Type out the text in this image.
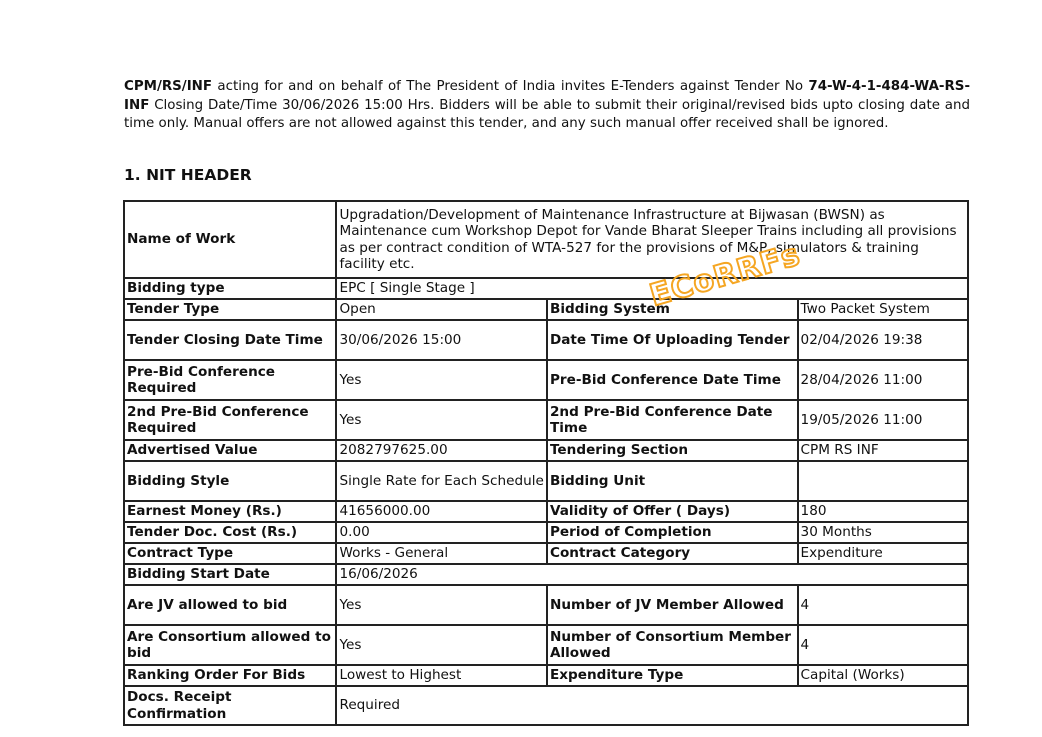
CPM/RS/INF acting for and on behalf of The President of India invites E-Tenders against Tender No 74-W-4-1-484-WA-RS-INF Closing Date/Time 30/06/2026 15:00 Hrs. Bidders will be able to submit their original/revised bids upto closing date and time only. Manual offers are not allowed against this tender, and any such manual offer received shall be ignored.
1. NIT HEADER
Name of Work	Upgradation/Development of Maintenance Infrastructure at Bijwasan (BWSN) as Maintenance cum Workshop Depot for Vande Bharat Sleeper Trains including all provisions as per contract condition of WTA-527 for the provisions of M&P, simulators & training facility etc.		
Bidding type	EPC [ Single Stage ]		
Tender Type	Open	Bidding System	Two Packet System
Tender Closing Date Time	30/06/2026 15:00	Date Time Of Uploading Tender	02/04/2026 19:38
Pre-Bid Conference Required	Yes	Pre-Bid Conference Date Time	28/04/2026 11:00
2nd Pre-Bid Conference Required	Yes	2nd Pre-Bid Conference Date Time	19/05/2026 11:00
Advertised Value	2082797625.00	Tendering Section	CPM RS INF
Bidding Style	Single Rate for Each Schedule	Bidding Unit	
Earnest Money (Rs.)	41656000.00	Validity of Offer ( Days)	180
Tender Doc. Cost (Rs.)	0.00	Period of Completion	30 Months
Contract Type	Works - General	Contract Category	Expenditure
Bidding Start Date	16/06/2026		
Are JV allowed to bid	Yes	Number of JV Member Allowed	4
Are Consortium allowed to bid	Yes	Number of Consortium Member Allowed	4
Ranking Order For Bids	Lowest to Highest	Expenditure Type	Capital (Works)
Docs. Receipt Confirmation	Required		
ECoRRFs
